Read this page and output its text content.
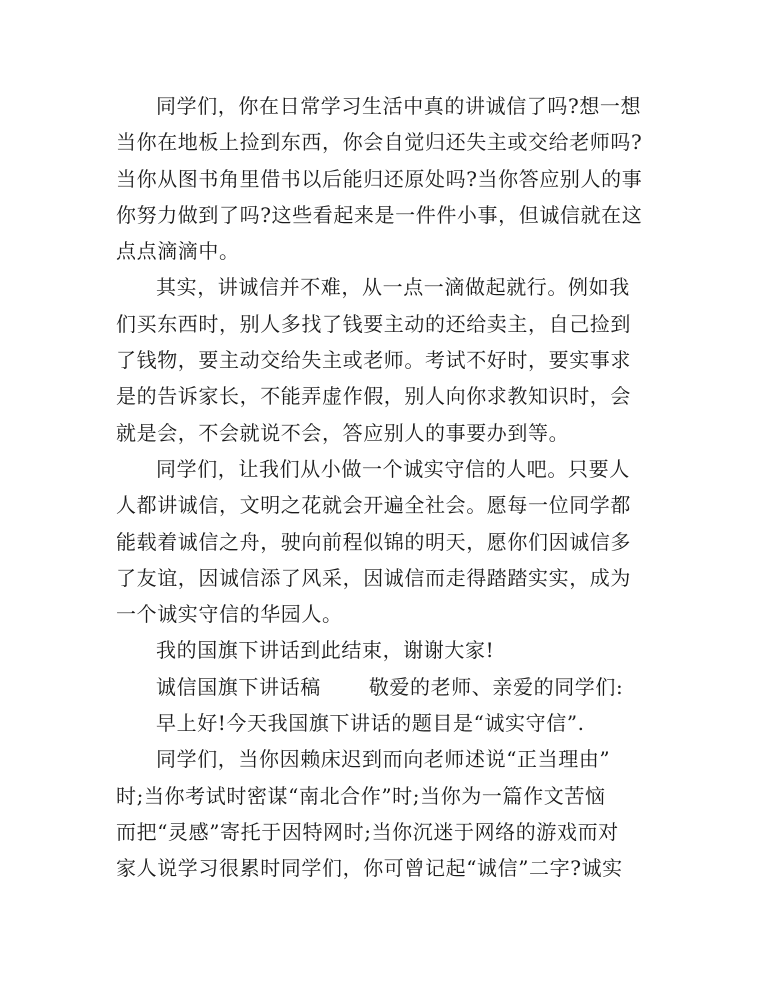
同学们，你在日常学习生活中真的讲诚信了吗?想一想
当你在地板上捡到东西，你会自觉归还失主或交给老师吗?
当你从图书角里借书以后能归还原处吗?当你答应别人的事
你努力做到了吗?这些看起来是一件件小事，但诚信就在这
点点滴滴中。

其实，讲诚信并不难，从一点一滴做起就行。例如我
们买东西时，别人多找了钱要主动的还给卖主，自己捡到
了钱物，要主动交给失主或老师。考试不好时，要实事求
是的告诉家长，不能弄虚作假，别人向你求教知识时，会
就是会，不会就说不会，答应别人的事要办到等。

同学们，让我们从小做一个诚实守信的人吧。只要人
人都讲诚信，文明之花就会开遍全社会。愿每一位同学都
能载着诚信之舟，驶向前程似锦的明天，愿你们因诚信多
了友谊，因诚信添了风采，因诚信而走得踏踏实实，成为
一个诚实守信的华园人。

我的国旗下讲话到此结束，谢谢大家!

诚信国旗下讲话稿 敬爱的老师、亲爱的同学们:

早上好!今天我国旗下讲话的题目是“诚实守信”.

同学们，当你因赖床迟到而向老师述说“正当理由”
时;当你考试时密谋“南北合作”时;当你为一篇作文苦恼
而把“灵感”寄托于因特网时;当你沉迷于网络的游戏而对
家人说学习很累时同学们，你可曾记起“诚信”二字?诚实
